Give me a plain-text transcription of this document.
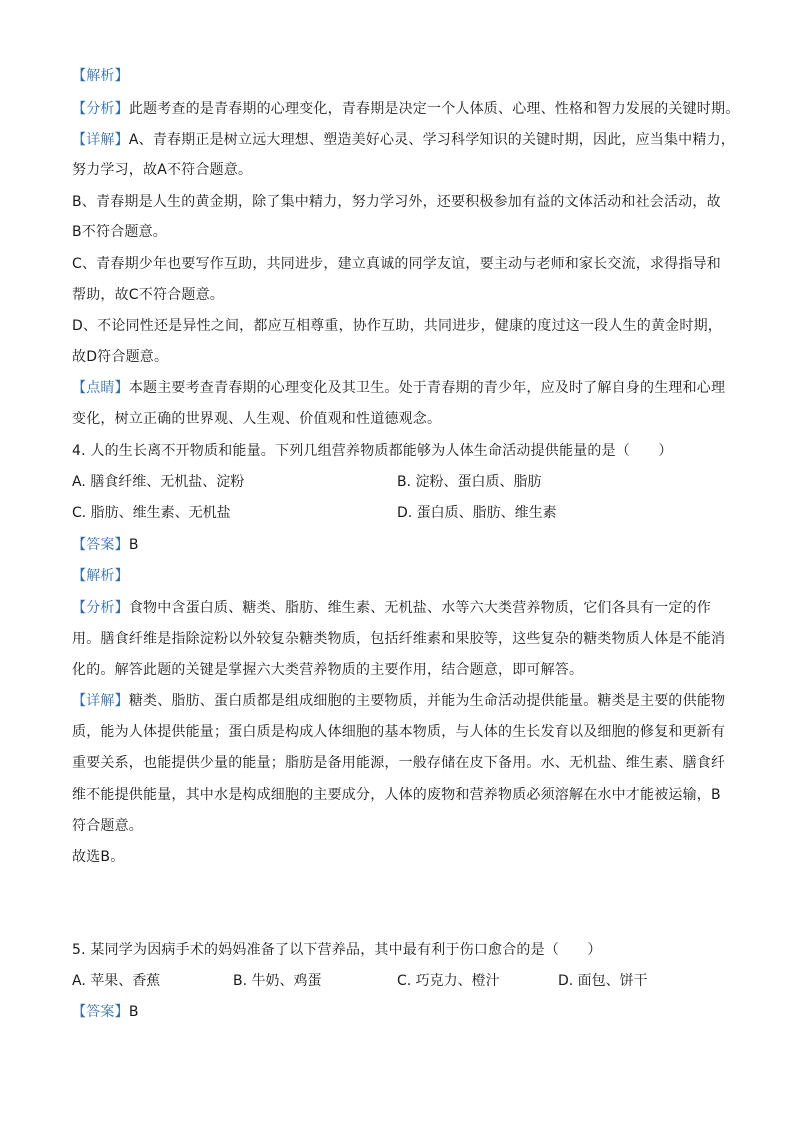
【解析】
【分析】此题考查的是青春期的心理变化，青春期是决定一个人体质、心理、性格和智力发展的关键时期。
【详解】A、青春期正是树立远大理想、塑造美好心灵、学习科学知识的关键时期，因此，应当集中精力，
努力学习，故A不符合题意。
B、青春期是人生的黄金期，除了集中精力，努力学习外，还要积极参加有益的文体活动和社会活动，故
B不符合题意。
C、青春期少年也要写作互助，共同进步，建立真诚的同学友谊，要主动与老师和家长交流，求得指导和
帮助，故C不符合题意。
D、不论同性还是异性之间，都应互相尊重，协作互助，共同进步，健康的度过这一段人生的黄金时期，
故D符合题意。
【点睛】本题主要考查青春期的心理变化及其卫生。处于青春期的青少年，应及时了解自身的生理和心理
变化，树立正确的世界观、人生观、价值观和性道德观念。
4. 人的生长离不开物质和能量。下列几组营养物质都能够为人体生命活动提供能量的是（　　）
A. 膳食纤维、无机盐、淀粉	B. 淀粉、蛋白质、脂肪
C. 脂肪、维生素、无机盐	D. 蛋白质、脂肪、维生素
【答案】B
【解析】
【分析】食物中含蛋白质、糖类、脂肪、维生素、无机盐、水等六大类营养物质，它们各具有一定的作
用。膳食纤维是指除淀粉以外较复杂糖类物质，包括纤维素和果胶等，这些复杂的糖类物质人体是不能消
化的。解答此题的关键是掌握六大类营养物质的主要作用，结合题意，即可解答。
【详解】糖类、脂肪、蛋白质都是组成细胞的主要物质，并能为生命活动提供能量。糖类是主要的供能物
质，能为人体提供能量；蛋白质是构成人体细胞的基本物质，与人体的生长发育以及细胞的修复和更新有
重要关系，也能提供少量的能量；脂肪是备用能源，一般存储在皮下备用。水、无机盐、维生素、膳食纤
维不能提供能量，其中水是构成细胞的主要成分，人体的废物和营养物质必须溶解在水中才能被运输，B
符合题意。
故选B。
5. 某同学为因病手术的妈妈准备了以下营养品，其中最有利于伤口愈合的是（　　）
A. 苹果、香蕉	B. 牛奶、鸡蛋	C. 巧克力、橙汁	D. 面包、饼干
【答案】B
